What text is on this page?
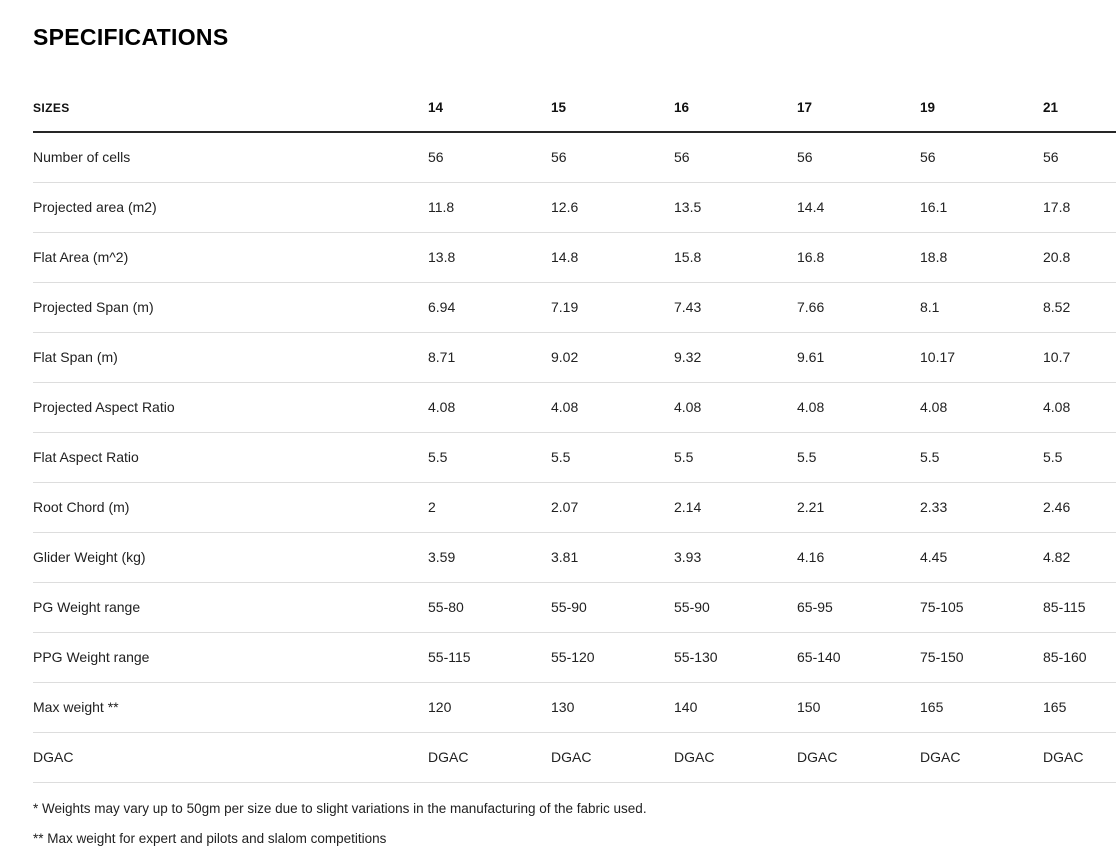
SPECIFICATIONS
SIZES	14	15	16	17	19	21
Number of cells	56	56	56	56	56	56
Projected area (m2)	11.8	12.6	13.5	14.4	16.1	17.8
Flat Area (m^2)	13.8	14.8	15.8	16.8	18.8	20.8
Projected Span (m)	6.94	7.19	7.43	7.66	8.1	8.52
Flat Span (m)	8.71	9.02	9.32	9.61	10.17	10.7
Projected Aspect Ratio	4.08	4.08	4.08	4.08	4.08	4.08
Flat Aspect Ratio	5.5	5.5	5.5	5.5	5.5	5.5
Root Chord (m)	2	2.07	2.14	2.21	2.33	2.46
Glider Weight (kg)	3.59	3.81	3.93	4.16	4.45	4.82
PG Weight range	55-80	55-90	55-90	65-95	75-105	85-115
PPG Weight range	55-115	55-120	55-130	65-140	75-150	85-160
Max weight **	120	130	140	150	165	165
DGAC	DGAC	DGAC	DGAC	DGAC	DGAC	DGAC

* Weights may vary up to 50gm per size due to slight variations in the manufacturing of the fabric used.

** Max weight for expert and pilots and slalom competitions
